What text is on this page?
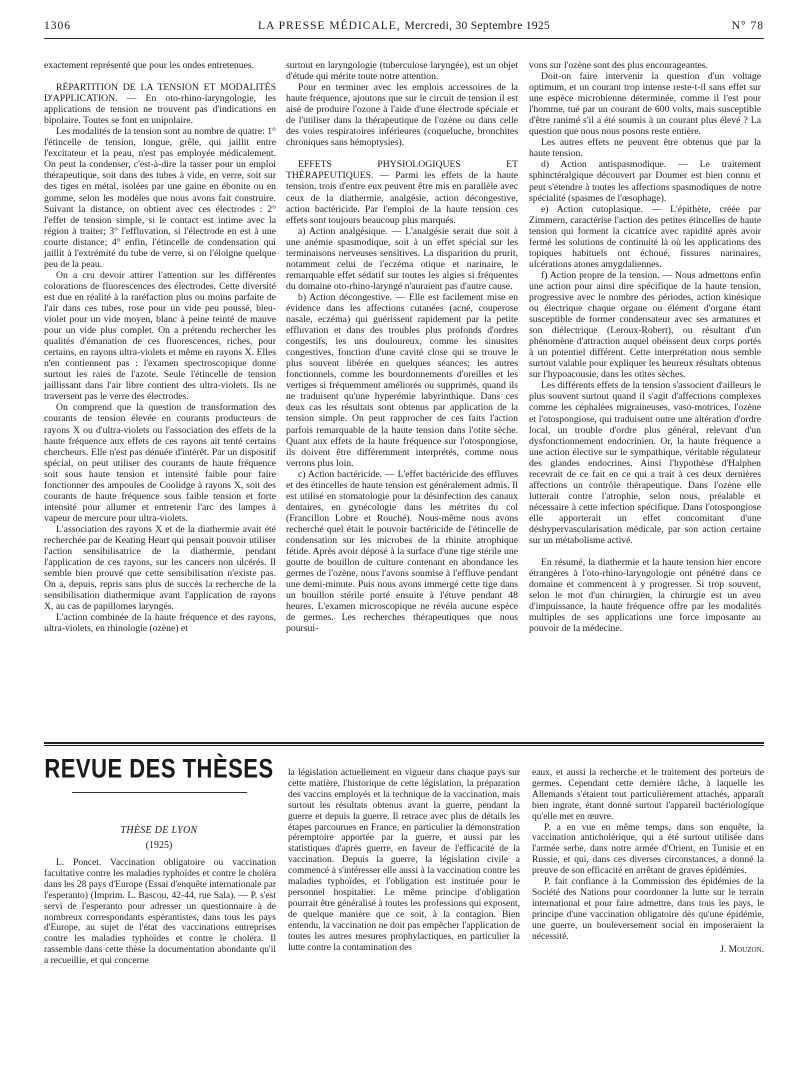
1306	LA PRESSE MÉDICALE, Mercredi, 30 Septembre 1925	N° 78

exactement représenté que pour les ondes entretenues.

RÉPARTITION DE LA TENSION ET MODALITÉS D'APPLICATION. — En oto-rhino-laryngologie, les applications de tension ne trouvent pas d'indications en bipolaire. Toutes se font en unipolaire.

Les modalités de la tension sont au nombre de quatre: 1° l'étincelle de tension, longue, grêle, qui jaillit entre l'excitateur et la peau, n'est pas employée médicalement. On peut la condenser, c'est-à-dire la tasser pour un emploi thérapeutique, soit dans des tubes à vide, en verre, soit sur des tiges en métal, isolées par une gaine en ébonite ou en gomme, selon les modèles que nous avons fait construire. Suivant la distance, on obtient avec ces électrodes : 2° l'effet de tension simple, si le contact est intime avec la région à traiter; 3° l'effluvation, si l'électrode en est à une courte distance; 4° enfin, l'étincelle de condensation qui jaillit à l'extrémité du tube de verre, si on l'éloigne quelque peu de la peau.

On a cru devoir attirer l'attention sur les différentes colorations de fluorescences des électrodes. Cette diversité est due en réalité à la raréfaction plus ou moins parfaite de l'air dans ces tubes, rose pour un vide peu poussé, bleu-violet pour un vide moyen, blanc à peine teinté de mauve pour un vide plus complet. On a prétendu rechercher les qualités d'émanation de ces fluorescences, riches, pour certains, en rayons ultra-violets et même en rayons X. Elles n'en contiennent pas : l'examen spectroscopique donne surtout les raies de l'azote. Seule l'étincelle de tension jaillissant dans l'air libre contient des ultra-violets. Ils ne traversent pas le verre des électrodes.

On comprend que la question de transformation des courants de tension élevée en courants producteurs de rayons X ou d'ultra-violets ou l'association des effets de la haute fréquence aux effets de ces rayons ait tenté certains chercheurs. Elle n'est pas dénuée d'intérêt. Par un dispositif spécial, on peut utiliser des courants de haute fréquence soit sous haute tension et intensité faible pour faire fonctionner des ampoules de Coolidge à rayons X, soit des courants de haute fréquence sous faible tension et forte intensité pour allumer et entretenir l'arc des lampes à vapeur de mercure pour ultra-violets.

L'association des rayons X et de la diathermie avait été recherchée par de Keating Heart qui pensait pouvoir utiliser l'action sensibilisatrice de la diathermie, pendant l'application de ces rayons, sur les cancers non ulcérés. Il semble bien prouvé que cette sensibilisation n'existe pas. On a, depuis, repris sans plus de succès la recherche de la sensibilisation diathermique avant l'application de rayons X, au cas de papillomes laryngés.

L'action combinée de la haute fréquence et des rayons, ultra-violets, en rhinologie (ozène) et

surtout en laryngologie (tuberculose laryngée), est un objet d'étude qui mérite toute notre attention.

Pour en terminer avec les emplois accessoires de la haute fréquence, ajoutons que sur le circuit de tension il est aisé de produire l'ozone à l'aide d'une électrode spéciale et de l'utiliser dans la thérapeutique de l'ozène ou dans celle des voies respiratoires inférieures (coqueluche, bronchites chroniques sans hémoptysies).

EFFETS PHYSIOLOGIQUES ET THÉRAPEUTIQUES. — Parmi les effets de la haute tension, trois d'entre eux peuvent être mis en parallèle avec ceux de la diathermie, analgésie, action décongestive, action bactéricide. Par l'emploi de la haute tension ces effets sont toujours beaucoup plus marqués.

a) Action analgésique. — L'analgésie serait due soit à une anémie spasmodique, soit à un effet spécial sur les terminaisons nerveuses sensitives. La disparition du prurit, notamment celui de l'eczéma otique et narinaire, le remarquable effet sédatif sur toutes les algies si fréquentes du domaine oto-rhino-laryngé n'auraient pas d'autre cause.

b) Action décongestive. — Elle est facilement mise en évidence dans les affections cutanées (acné, couperose nasale, eczéma) qui guérissent rapidement par la petite effluvation et dans des troubles plus profonds d'ordres congestifs, les uns douloureux, comme les sinusites congestives, fonction d'une cavité close qui se trouve le plus souvent libérée en quelques séances; les autres fonctionnels, comme les bourdonnements d'oreilles et les vertiges si fréquemment améliorés ou supprimés, quand ils ne traduisent qu'une hyperémie labyrinthique. Dans ces deux cas les résultats sont obtenus par application de la tension simple. On peut rapprocher de ces faits l'action parfois remarquable de la haute tension dans l'otite sèche. Quant aux effets de la haute fréquence sur l'otospongiose, ils doivent être différemment interprétés, comme nous verrons plus loin.

c) Action bactéricide. — L'effet bactéricide des effluves et des étincelles de haute tension est généralement admis. Il est utilisé en stomatologie pour la désinfection des canaux dentaires, en gynécologie dans les métrites du col (Francillon Lobre et Rouché). Nous-même nous avons recherché quel était le pouvoir bactéricide de l'étincelle de condensation sur les microbes de la rhinite atrophique fétide. Après avoir déposé à la surface d'une tige stérile une goutte de bouillon de culture contenant en abondance les germes de l'ozène, nous l'avons soumise à l'effluve pendant une demi-minute. Puis nous avons immergé cette tige dans un bouillon stérile porté ensuite à l'étuve pendant 48 heures. L'examen microscopique ne révéla aucune espèce de germes. Les recherches thérapeutiques que nous poursui-

vons sur l'ozène sont des plus encourageantes.

Doit-on faire intervenir la question d'un voltage optimum, et un courant trop intense reste-t-il sans effet sur une espèce microbienne déterminée, comme il l'est pour l'homme, tué par un courant de 600 volts, mais susceptible d'être ranimé s'il a été soumis à un courant plus élevé ? La question que nous nous posons reste entière.

Les autres effets ne peuvent être obtenus que par la haute tension.

d) Action antispasmodique. — Le traitement sphinctéralgique découvert par Doumer est bien connu et peut s'étendre à toutes les affections spasmodiques de notre spécialité (spasmes de l'œsophage).

e) Action cutoplasique. — L'épithète, créée par Zimmern, caractérise l'action des petites étincelles de haute tension qui forment la cicatrice avec rapidité après avoir fermé les solutions de continuité là où les applications des topiques habituels ont échoué, fissures narinaires, ulcérations atones amygdaliennes.

f) Action propre de la tension. — Nous admettons enfin une action pour ainsi dire spécifique de la haute tension, progressive avec le nombre des périodes, action kinésique ou électrique chaque organe ou élément d'organe étant susceptible de former condensateur avec ses armatures et son diélectrique (Leroux-Robert), ou résultant d'un phénomène d'attraction auquel obéissent deux corps portés à un potentiel différent. Cette interprétation nous semble surtout valable pour expliquer les heureux résultats obtenus sur l'hypoacousie, dans les otites sèches.

Les différents effets de la tension s'associent d'ailleurs le plus souvent surtout quand il s'agit d'affections complexes comme les céphalées migraineuses, vaso-motrices, l'ozène et l'otospongiose, qui traduisent outre une altération d'ordre local, un trouble d'ordre plus général, relevant d'un dysfonctionnement endocrinien. Or, la haute fréquence a une action élective sur le sympathique, véritable régulateur des glandes endocrines. Ainsi l'hypothèse d'Halphen recevrait de ce fait en ce qui a trait à ces deux dernières affections un contrôle thérapeutique. Dans l'ozène elle lutterait contre l'atrophie, selon nous, préalable et nécessaire à cette infection spécifique. Dans l'otospongiose elle apporterait un effet concomitant d'une déshypervascularisation médicale, par son action certaine sur un métabolisme activé.

En résumé, la diathermie et la haute tension hier encore étrangères à l'oto-rhino-laryngologie ont pénétré dans ce domaine et commencent à y progresser. Si trop souvent, selon le mot d'un chirurgien, la chirurgie est un aveu d'impuissance, la haute fréquence offre par les modalités multiples de ses applications une force imposante au pouvoir de la médecine.

REVUE DES THÈSES
THÈSE DE LYON
(1925)

L. Poncet. Vaccination obligatoire ou vaccination facultative contre les maladies typhoïdes et contre le choléra dans les 28 pays d'Europe (Essai d'enquête internationale par l'esperanto) (Imprim. L. Bascou, 42-44, rue Sala). — P. s'est servi de l'esperanto pour adresser un questionnaire à de nombreux correspondants espérantistes, dans tous les pays d'Europe, au sujet de l'état des vaccinations entreprises contre les maladies typhoïdes et contre le choléra. Il rassemble dans cette thèse la documentation abondante qu'il a recueillie, et qui concerne

la législation actuellement en vigueur dans chaque pays sur cette matière, l'historique de cette législation, la préparation des vaccins employés et la technique de la vaccination, mais surtout les résultats obtenus avant la guerre, pendant la guerre et depuis la guerre. Il retrace avec plus de détails les étapes parcourues en France, en particulier la démonstration péremptoire apportée par la guerre, et aussi par les statistiques d'après guerre, en faveur de l'efficacité de la vaccination. Depuis la guerre, la législation civile a commencé à s'intéresser elle aussi à la vaccination contre les maladies typhoïdes, et l'obligation est instituée pour le personnel hospitalier. Le même principe d'obligation pourrait être généralisé à toutes les professions qui exposent, de quelque manière que ce soit, à la contagion. Bien entendu, la vaccination ne doit pas empêcher l'application de toutes les autres mesures prophylactiques, en particulier la lutte contre la contamination des

eaux, et aussi la recherche et le traitement des porteurs de germes. Cependant cette dernière tâche, à laquelle les Allemands s'étaient tout particulièrement attachés, apparaît bien ingrate, étant donné surtout l'appareil bactériologique qu'elle met en œuvre.

P. a en vue en même temps, dans son enquête, la vaccination anticholérique, qui a été surtout utilisée dans l'armée serbe, dans notre armée d'Orient, en Tunisie et en Russie, et qui, dans ces diverses circonstances, a donné la preuve de son efficacité en arrêtant de graves épidémies.

P. fait confiance à la Commission des épidémies de la Société des Nations pour coordonner la lutte sur le terrain international et pour faire admettre, dans tous les pays, le principe d'une vaccination obligatoire dès qu'une épidémie, une guerre, un bouleversement social en imposeraient la nécessité.

J. Mouzon.
